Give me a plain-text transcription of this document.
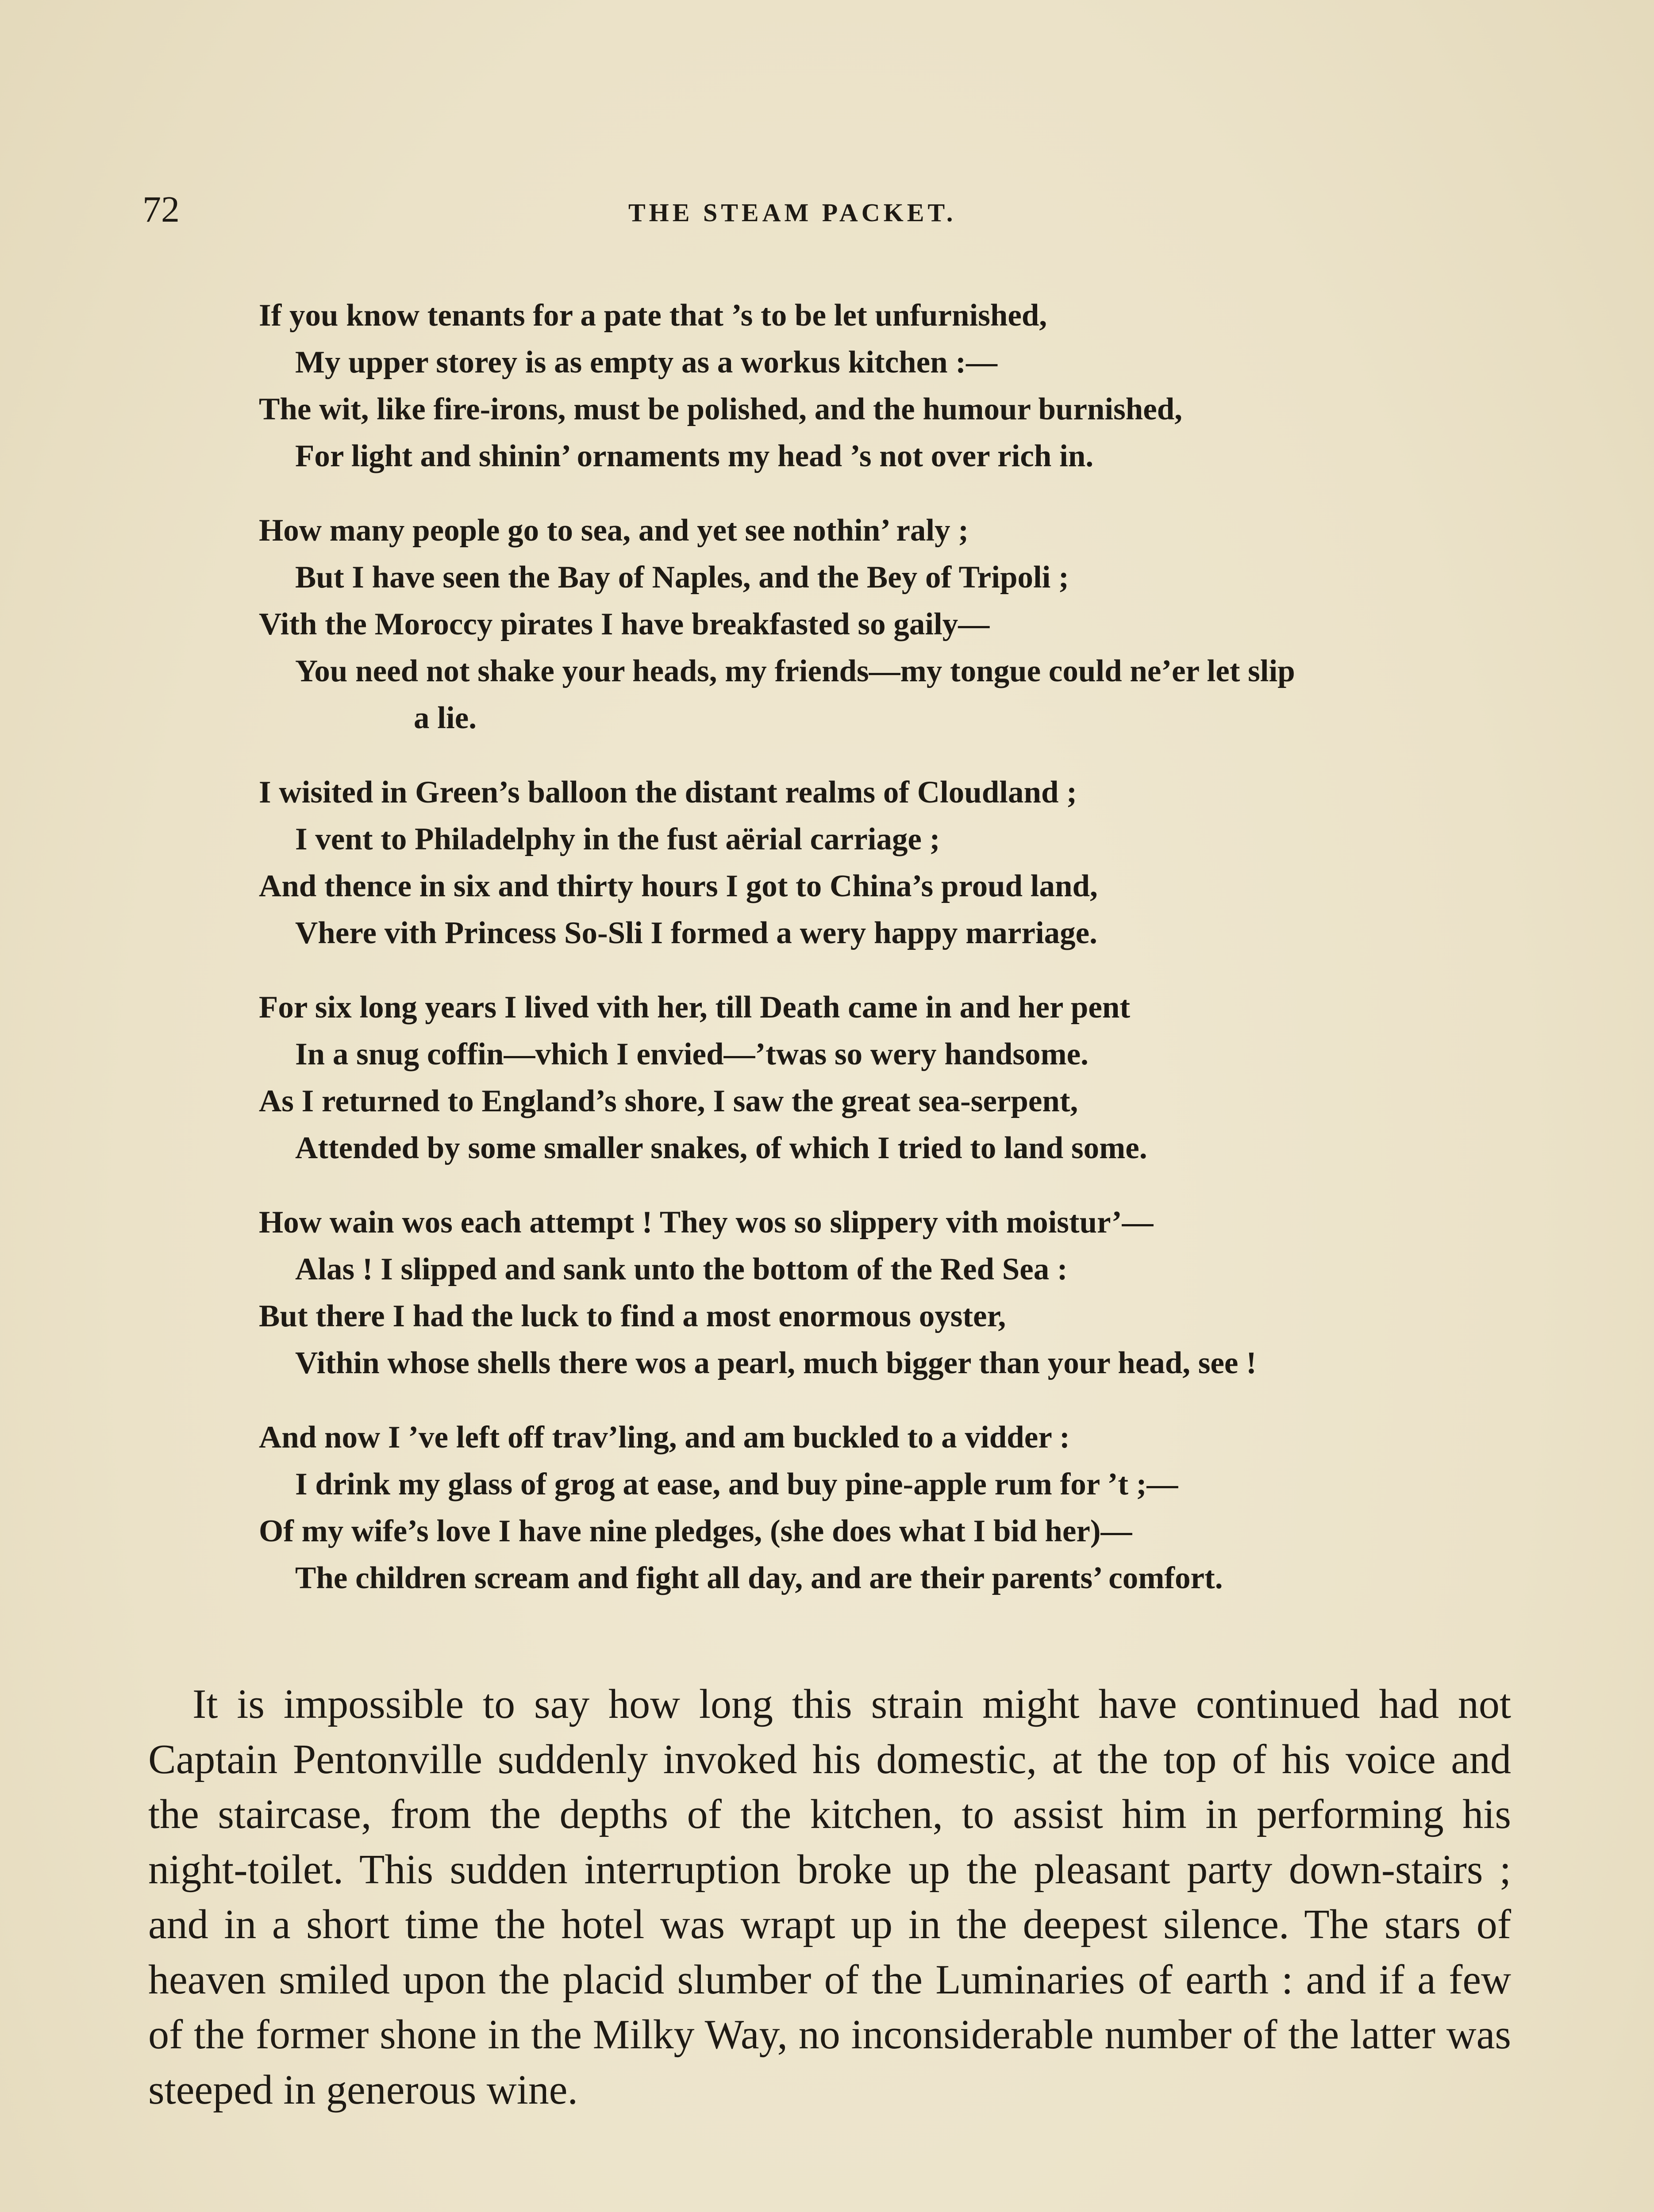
72	THE STEAM PACKET.
If you know tenants for a pate that ’s to be let unfurnished,
My upper storey is as empty as a workus kitchen :—
The wit, like fire-irons, must be polished, and the humour burnished,
For light and shinin’ ornaments my head ’s not over rich in.
How many people go to sea, and yet see nothin’ raly ;
But I have seen the Bay of Naples, and the Bey of Tripoli ;
Vith the Moroccy pirates I have breakfasted so gaily—
You need not shake your heads, my friends—my tongue could ne’er let slip
a lie.
I wisited in Green’s balloon the distant realms of Cloudland ;
I vent to Philadelphy in the fust aërial carriage ;
And thence in six and thirty hours I got to China’s proud land,
Vhere vith Princess So-Sli I formed a wery happy marriage.
For six long years I lived vith her, till Death came in and her pent
In a snug coffin—vhich I envied—’twas so wery handsome.
As I returned to England’s shore, I saw the great sea-serpent,
Attended by some smaller snakes, of which I tried to land some.
How wain wos each attempt ! They wos so slippery vith moistur’—
Alas ! I slipped and sank unto the bottom of the Red Sea :
But there I had the luck to find a most enormous oyster,
Vithin whose shells there wos a pearl, much bigger than your head, see !
And now I ’ve left off trav’ling, and am buckled to a vidder :
I drink my glass of grog at ease, and buy pine-apple rum for ’t ;—
Of my wife’s love I have nine pledges, (she does what I bid her)—
The children scream and fight all day, and are their parents’ comfort.
It is impossible to say how long this strain might have continued had not Captain Pentonville suddenly invoked his domestic, at the top of his voice and the staircase, from the depths of the kitchen, to assist him in performing his night-toilet. This sudden interruption broke up the pleasant party down-stairs ; and in a short time the hotel was wrapt up in the deepest silence. The stars of heaven smiled upon the placid slumber of the Luminaries of earth : and if a few of the former shone in the Milky Way, no inconsiderable number of the latter was steeped in generous wine.
